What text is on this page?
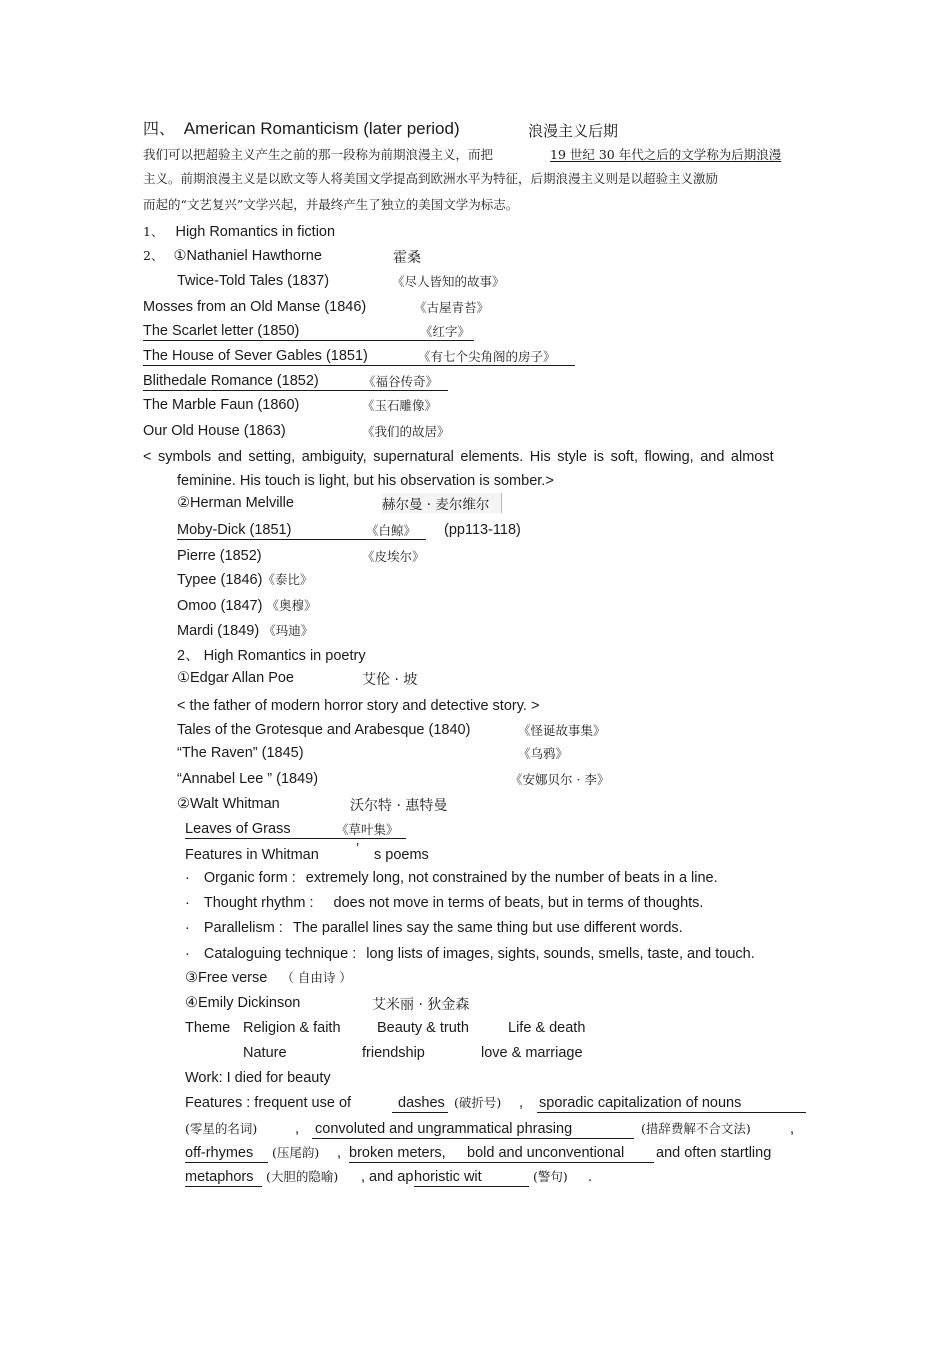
四、 American Romanticism (later period)	浪漫主义后期
我们可以把超验主义产生之前的那一段称为前期浪漫主义，而把	19 世纪 30 年代之后的文学称为后期浪漫
主义。前期浪漫主义是以欧文等人将美国文学提高到欧洲水平为特征，后期浪漫主义则是以超验主义激励
而起的“文艺复兴”文学兴起，并最终产生了独立的美国文学为标志。
1、 High Romantics in fiction
2、 ①Nathaniel Hawthorne	霍桑
Twice-Told Tales (1837)	《尽人皆知的故事》
Mosses from an Old Manse (1846)	《古屋青苔》
The Scarlet letter (1850)	《红字》
The House of Sever Gables (1851)	《有七个尖角阁的房子》
Blithedale Romance (1852)	《福谷传奇》
The Marble Faun (1860)	《玉石雕像》
Our Old House (1863)	《我们的故居》
< symbols and setting, ambiguity, supernatural elements. His style is soft, flowing, and almost
feminine. His touch is light, but his observation is somber.>
②Herman Melville	赫尔曼 · 麦尔维尔
Moby-Dick (1851)	《白鲸》 (pp113-118)
Pierre (1852)	《皮埃尔》
Typee (1846)《泰比》
Omoo (1847) 《奥穆》
Mardi (1849) 《玛迪》
2、 High Romantics in poetry
①Edgar Allan Poe	艾伦 · 坡
< the father of modern horror story and detective story. >
Tales of the Grotesque and Arabesque (1840)	《怪诞故事集》
“The Raven” (1845)	《乌鸦》
“Annabel Lee ” (1849)	《安娜贝尔 · 李》
②Walt Whitman	沃尔特 · 惠特曼
Leaves of Grass	《草叶集》
Features in Whitman	’ s poems
· Organic form : extremely long, not constrained by the number of beats in a line.
· Thought rhythm : does not move in terms of beats, but in terms of thoughts.
· Parallelism : The parallel lines say the same thing but use different words.
· Cataloguing technique : long lists of images, sights, sounds, smells, taste, and touch.
③Free verse （ 自由诗 ）
④Emily Dickinson	艾米丽 · 狄金森
Theme Religion & faith	Beauty & truth	Life & death
Nature	friendship	love & marriage
Work: I died for beauty
Features : frequent use of	dashes (破折号) , sporadic capitalization of nouns
(零星的名词)	, convoluted and ungrammatical phrasing	(措辞费解不合文法)	,
off-rhymes (压尾韵) , broken meters, bold and unconventional and often startling
metaphors (大胆的隐喻) , and ap horistic wit	(警句) .
